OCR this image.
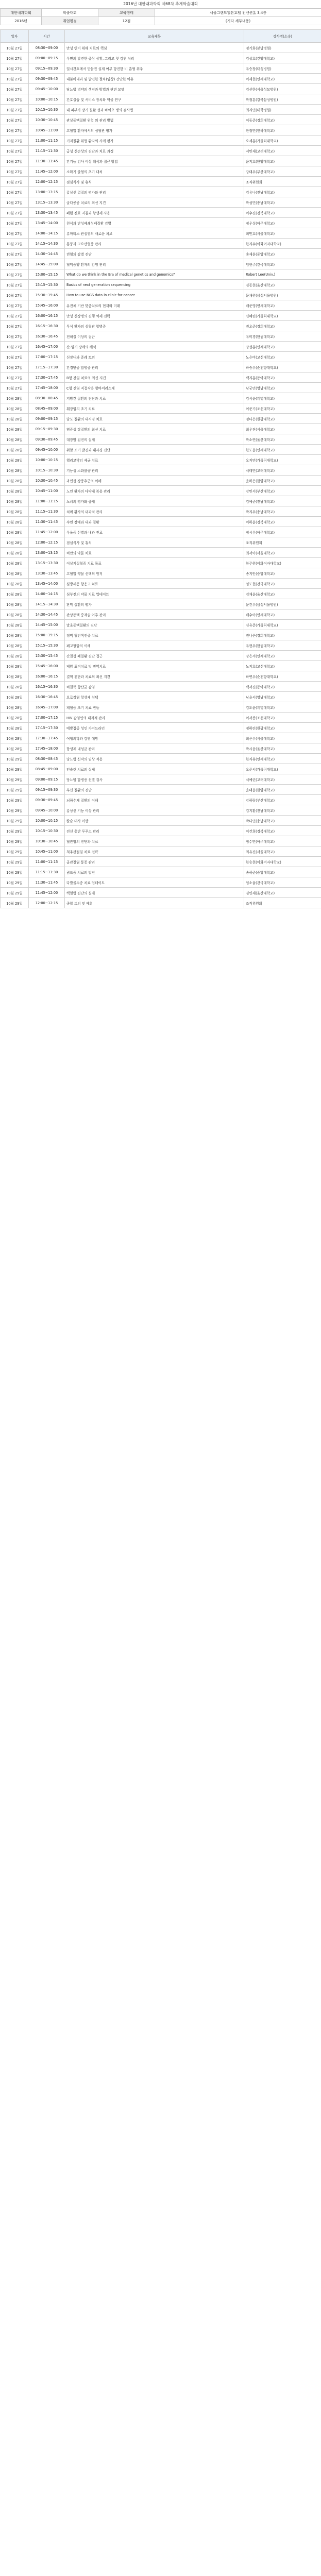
2016년 대한내과학회 제68차 추계학술대회
대한내과학회	학술대회	교육형태	서울그랜드힐튼호텔 컨벤션홀 3,4층
2016년	취업평점	12점	(기타 세부내용)
일자	시간	교육제목	강사명(소속)
10월 27일	08:30~09:00	만성 변비 위해 치료의 핵심	정기화(분당병원)
10월 27일	09:00~09:15	우면의 발견한 증상 상황, 그리고 첫 감염 처리	김성호(건양대학교)
10월 27일	09:15~09:30	일시간호에서 만들진 실제 여부 항진한 비 흡혈 위주	유승창(대성병원)
10월 27일	09:30~09:45	내분비내과 및 발견한 절차(임상) 간단한 이유	이재현(연세대학교)
10월 27일	09:45~10:00	당뇨병 병약의 생전과 방법과 관련 모델	김선한(서울성모병원)
10월 27일	10:00~10:15	간호실습 및 서비스 장치와 약물 연구	박정훈(강북삼성병원)
10월 27일	10:15~10:30	내 피부가 장기 질환 성과 바이오 병의 검사법	최지연(대학병원)
10월 27일	10:30~10:45	관상동맥질환 위험 의 관리 방법	이동준(경희대학교)
10월 27일	10:45~11:00	고혈압 환자에서의 심혈관 평가	한정민(인하대학교)
10월 27일	11:00~11:15	기저질환 위협 환자의 사례 평가	오세훈(가톨릭대학교)
10월 27일	11:15~11:30	급성 신손상의 진단과 치료 과정	서민재(고려대학교)
10월 27일	11:30~11:45	간기능 검사 이상 해석과 접근 방법	윤지호(한양대학교)
10월 27일	11:45~12:00	소화기 출혈의 초기 대처	강태우(부산대학교)
10월 27일	12:00~12:15	점심식사 및 휴식	조직위원회
10월 27일	13:00~13:15	갑상선 결절의 평가와 관리	김유나(전남대학교)
10월 27일	13:15~13:30	골다공증 치료의 최신 지견	박성민(충남대학교)
10월 27일	13:30~13:45	폐렴 진료 지침과 항생제 사용	이수진(경북대학교)
10월 27일	13:45~14:00	천식과 만성폐쇄성폐질환 감별	정우성(아주대학교)
10월 27일	14:00~14:15	류마티스 관절염의 새로운 치료	최민호(서울대학교)
10월 27일	14:15~14:30	통풍과 고요산혈증 관리	한지수(이화여자대학교)
10월 27일	14:30~14:45	빈혈의 감별 진단	송재훈(중앙대학교)
10월 27일	14:45~15:00	혈액종양 환자의 감염 관리	임현주(건국대학교)
10월 27일	15:00~15:15	What do we think in the Era of medical genetics and genomics?	Robert Lee(Univ.)
10월 27일	15:15~15:30	Basics of next generation sequencing	김동현(울산대학교)
10월 27일	15:30~15:45	How to use NGS data in clinic for cancer	문채원(삼성서울병원)
10월 27일	15:45~16:00	유전체 기반 맞춤치료의 현재와 미래	배준영(연세대학교)
10월 27일	16:00~16:15	만성 신장병의 진행 억제 전략	신혜린(가톨릭대학교)
10월 27일	16:15~16:30	투석 환자의 심혈관 합병증	권오준(경희대학교)
10월 27일	16:30~16:45	전해질 이상의 접근	유미경(한림대학교)
10월 27일	16:45~17:00	산-염기 장애의 해석	장성훈(인제대학교)
10월 27일	17:00~17:15	신장내과 증례 토의	노은비(고신대학교)
10월 27일	17:15~17:30	간경변증 합병증 관리	하승우(순천향대학교)
10월 27일	17:30~17:45	B형 간염 치료의 최신 지견	백지훈(동아대학교)
10월 27일	17:45~18:00	C형 간염 직접작용 항바이러스제	남궁민(영남대학교)
10월 28일	08:30~08:45	지방간 질환의 진단과 치료	김서윤(계명대학교)
10월 28일	08:45~09:00	췌장염의 초기 치료	이준기(조선대학교)
10월 28일	09:00~09:15	담도 질환의 내시경 치료	정다은(원광대학교)
10월 28일	09:15~09:30	염증성 장질환의 최신 치료	최우진(서울대학교)
10월 28일	09:30~09:45	대장암 검진의 실제	박소연(울산대학교)
10월 28일	09:45~10:00	위암 조기 발견과 내시경 진단	한도윤(연세대학교)
10월 28일	10:00~10:15	헬리코박터 제균 치료	오지민(가톨릭대학교)
10월 28일	10:15~10:30	기능성 소화불량 관리	서태민(고려대학교)
10월 28일	10:30~10:45	과민성 장증후군의 이해	윤하은(한양대학교)
10월 28일	10:45~11:00	노인 환자의 다약제 복용 관리	강민서(부산대학교)
10월 28일	11:00~11:15	노쇠의 평가와 중재	김예준(전남대학교)
10월 28일	11:15~11:30	치매 환자의 내과적 관리	박지우(충남대학교)
10월 28일	11:30~11:45	수면 장애와 내과 질환	이하윤(경북대학교)
10월 28일	11:45~12:00	우울증 선별과 내과 진료	정시우(아주대학교)
10월 28일	12:00~12:15	점심식사 및 휴식	조직위원회
10월 28일	13:00~13:15	비만의 약물 치료	최서아(서울대학교)
10월 28일	13:15~13:30	이상지질혈증 치료 목표	한주원(이화여자대학교)
10월 28일	13:30~13:45	고혈압 약물 선택의 원칙	송지안(중앙대학교)
10월 28일	13:45~14:00	심방세동 항응고 치료	임도현(건국대학교)
10월 28일	14:00~14:15	심부전의 약물 치료 업데이트	김채윤(울산대학교)
10월 28일	14:15~14:30	판막 질환의 평가	문건우(삼성서울병원)
10월 28일	14:30~14:45	관상동맥 중재술 이후 관리	배수아(연세대학교)
10월 28일	14:45~15:00	말초동맥질환의 진단	신유준(가톨릭대학교)
10월 28일	15:00~15:15	정맥 혈전색전증 치료	권나은(경희대학교)
10월 28일	15:15~15:30	폐고혈압의 이해	유현우(한림대학교)
10월 28일	15:30~15:45	간질성 폐질환 진단 접근	장은서(인제대학교)
10월 28일	15:45~16:00	폐암 표적치료 및 면역치료	노지호(고신대학교)
10월 28일	16:00~16:15	결핵 진단과 치료의 최신 지견	하연우(순천향대학교)
10월 28일	16:15~16:30	비결핵 항산균 감염	백서진(동아대학교)
10월 28일	16:30~16:45	요로감염 항생제 선택	남윤서(영남대학교)
10월 28일	16:45~17:00	패혈증 초기 치료 번들	김도윤(계명대학교)
10월 28일	17:00~17:15	HIV 감염인의 내과적 관리	이서준(조선대학교)
10월 28일	17:15~17:30	예방접종 성인 가이드라인	정하린(원광대학교)
10월 28일	17:30~17:45	여행의학과 감염 예방	최은우(서울대학교)
10월 28일	17:45~18:00	항생제 내성균 관리	박시윤(울산대학교)
10월 29일	08:30~08:45	당뇨병 신약의 임상 적용	한지유(연세대학교)
10월 29일	08:45~09:00	인슐린 치료의 실제	오준서(가톨릭대학교)
10월 29일	09:00~09:15	당뇨병 합병증 선별 검사	서예린(고려대학교)
10월 29일	09:15~09:30	부신 질환의 진단	윤태윤(한양대학교)
10월 29일	09:30~09:45	뇌하수체 질환의 이해	강하람(부산대학교)
10월 29일	09:45~10:00	갑상선 기능 이상 관리	김지환(전남대학교)
10월 29일	10:00~10:15	칼슘 대사 이상	박다인(충남대학교)
10월 29일	10:15~10:30	전신 홍반 루푸스 관리	이건희(경북대학교)
10월 29일	10:30~10:45	혈관염의 진단과 치료	정수민(아주대학교)
10월 29일	10:45~11:00	척추관절염 치료 전략	최유진(서울대학교)
10월 29일	11:00~11:15	골관절염 통증 관리	한승현(이화여자대학교)
10월 29일	11:15~11:30	림프종 치료의 발전	송하준(중앙대학교)
10월 29일	11:30~11:45	다발골수종 치료 업데이트	임소율(건국대학교)
10월 29일	11:45~12:00	백혈병 진단의 실제	김민재(울산대학교)
10월 29일	12:00~12:15	종합 토의 및 폐회	조직위원회
